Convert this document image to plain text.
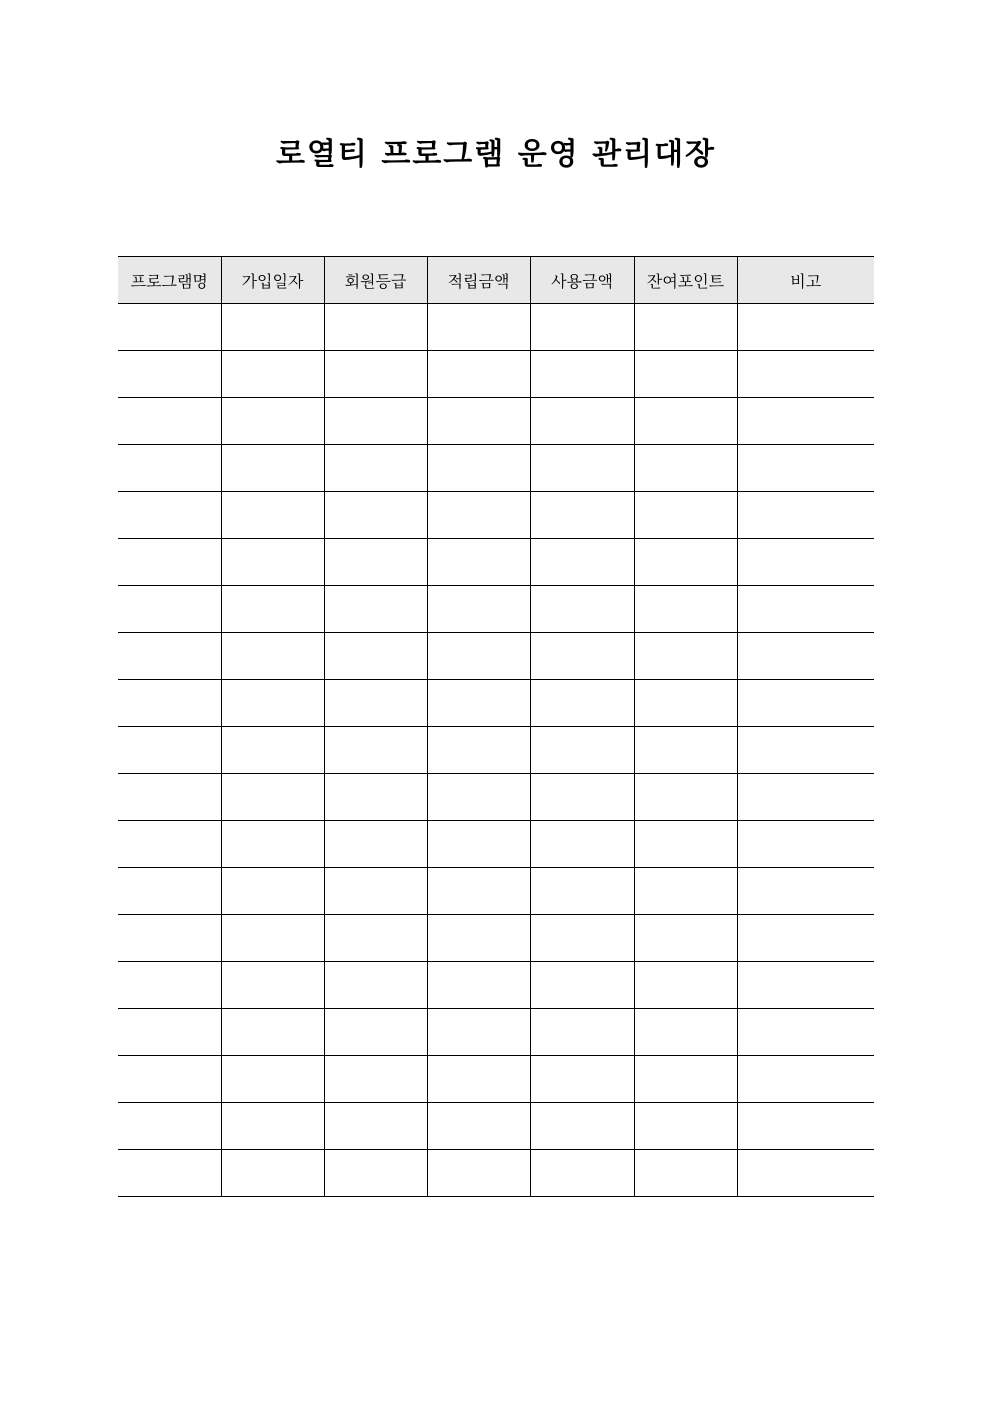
로열티 프로그램 운영 관리대장
프로그램명	가입일자	회원등급	적립금액	사용금액	잔여포인트	비고
